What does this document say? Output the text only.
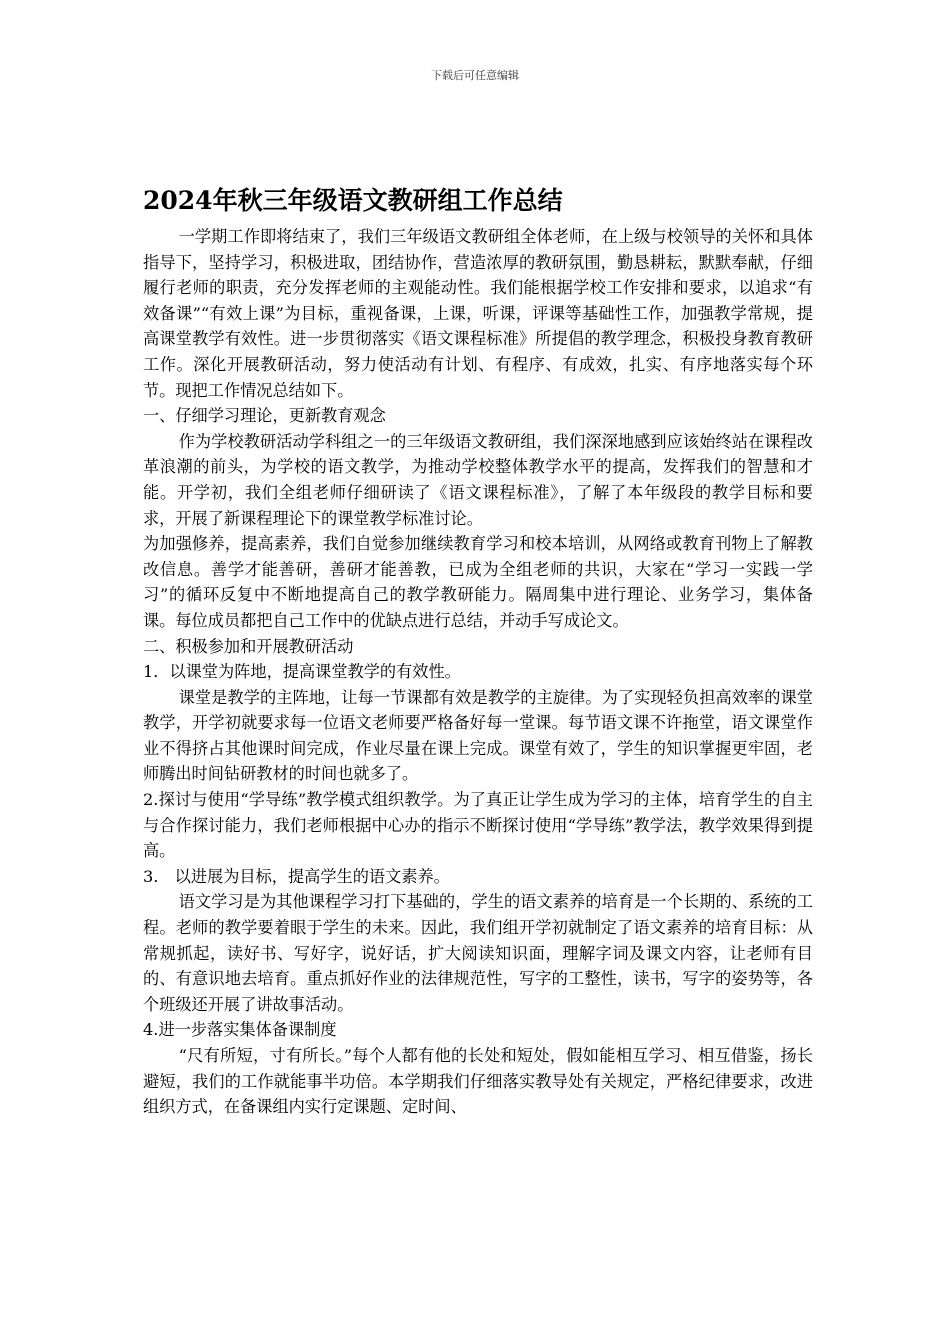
下载后可任意编辑
2024年秋三年级语文教研组工作总结

一学期工作即将结束了，我们三年级语文教研组全体老师，在上级与校领导的关怀和具体指导下，坚持学习，积极进取，团结协作，营造浓厚的教研氛围，勤恳耕耘，默默奉献，仔细履行老师的职责，充分发挥老师的主观能动性。我们能根据学校工作安排和要求，以追求“有效备课”“有效上课”为目标，重视备课，上课，听课，评课等基础性工作，加强教学常规，提高课堂教学有效性。进一步贯彻落实《语文课程标准》所提倡的教学理念，积极投身教育教研工作。深化开展教研活动，努力使活动有计划、有程序、有成效，扎实、有序地落实每个环节。现把工作情况总结如下。

一、仔细学习理论，更新教育观念

作为学校教研活动学科组之一的三年级语文教研组，我们深深地感到应该始终站在课程改革浪潮的前头，为学校的语文教学，为推动学校整体教学水平的提高，发挥我们的智慧和才能。开学初，我们全组老师仔细研读了《语文课程标准》，了解了本年级段的教学目标和要求，开展了新课程理论下的课堂教学标准讨论。

为加强修养，提高素养，我们自觉参加继续教育学习和校本培训，从网络或教育刊物上了解教改信息。善学才能善研，善研才能善教，已成为全组老师的共识，大家在“学习一实践一学习”的循环反复中不断地提高自己的教学教研能力。隔周集中进行理论、业务学习，集体备课。每位成员都把自己工作中的优缺点进行总结，并动手写成论文。

二、积极参加和开展教研活动

1．以课堂为阵地，提高课堂教学的有效性。

课堂是教学的主阵地，让每一节课都有效是教学的主旋律。为了实现轻负担高效率的课堂教学，开学初就要求每一位语文老师要严格备好每一堂课。每节语文课不许拖堂，语文课堂作业不得挤占其他课时间完成，作业尽量在课上完成。课堂有效了，学生的知识掌握更牢固，老师腾出时间钻研教材的时间也就多了。

2.探讨与使用“学导练”教学模式组织教学。为了真正让学生成为学习的主体，培育学生的自主与合作探讨能力，我们老师根据中心办的指示不断探讨使用“学导练”教学法，教学效果得到提高。

3.　以进展为目标，提高学生的语文素养。

语文学习是为其他课程学习打下基础的，学生的语文素养的培育是一个长期的、系统的工程。老师的教学要着眼于学生的未来。因此，我们组开学初就制定了语文素养的培育目标：从常规抓起，读好书、写好字，说好话，扩大阅读知识面，理解字词及课文内容，让老师有目的、有意识地去培育。重点抓好作业的法律规范性，写字的工整性，读书，写字的姿势等，各个班级还开展了讲故事活动。

4.进一步落实集体备课制度

“尺有所短，寸有所长。”每个人都有他的长处和短处，假如能相互学习、相互借鉴，扬长避短，我们的工作就能事半功倍。本学期我们仔细落实教导处有关规定，严格纪律要求，改进组织方式，在备课组内实行定课题、定时间、
